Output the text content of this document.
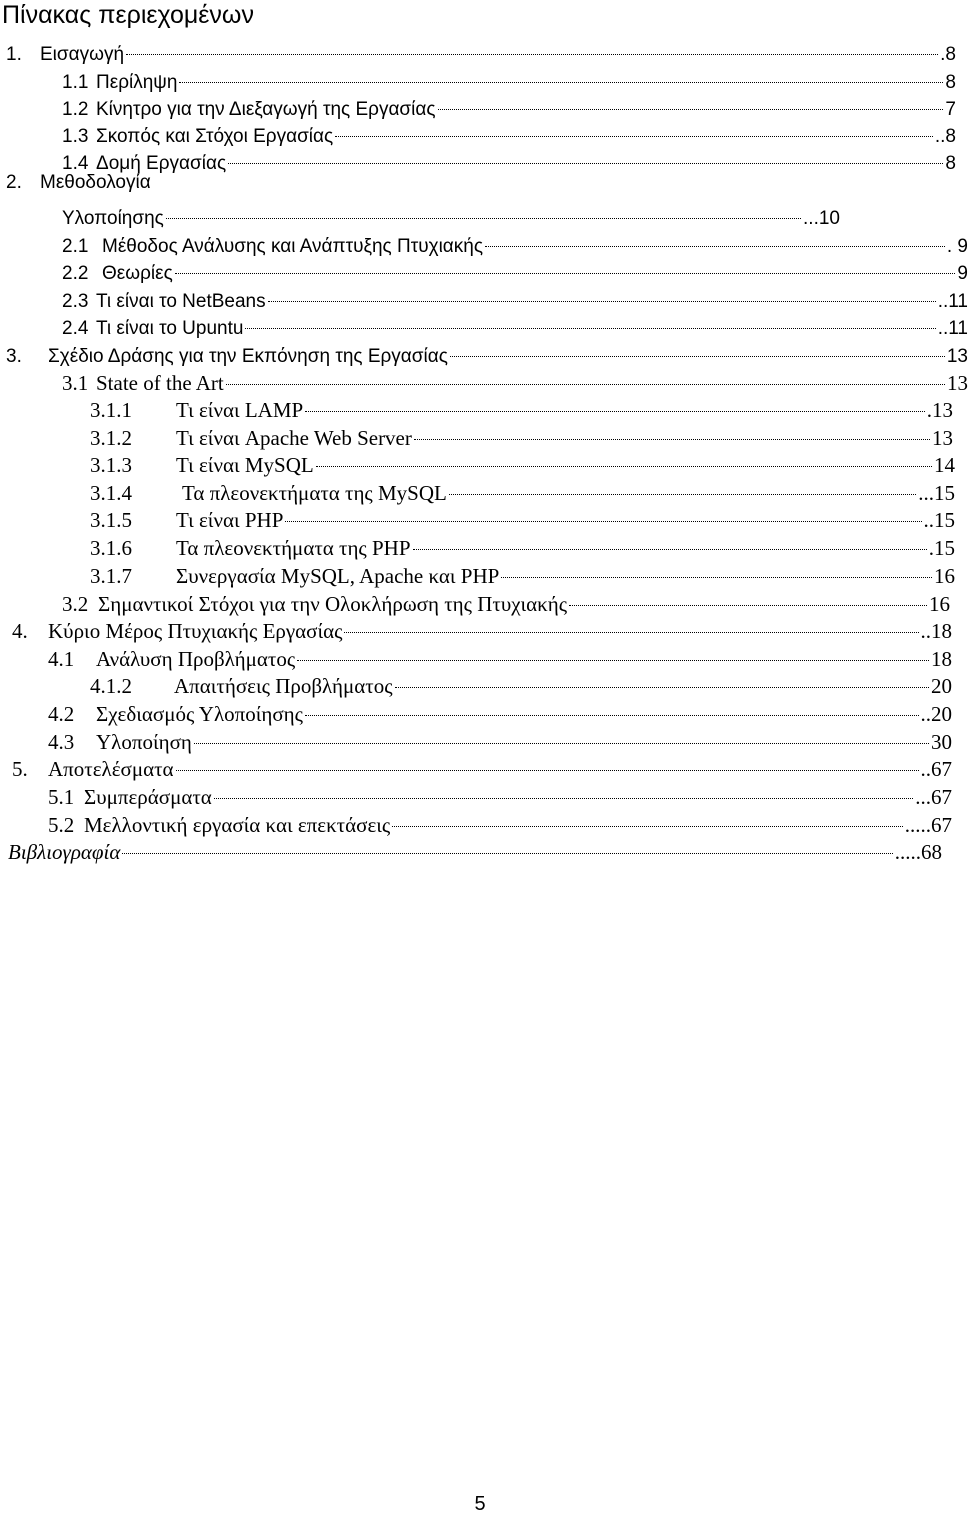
Πίνακας περιεχομένων
1. Εισαγωγή	.8
1.1 Περίληψη	8
1.2 Κίνητρο για την Διεξαγωγή της Εργασίας	7
1.3 Σκοπός και Στόχοι Εργασίας	..8
1.4 Δομή Εργασίας	8
2. Μεθοδολογία
Υλοποίησης	...10
2.1 Μέθοδος Ανάλυσης και Ανάπτυξης Πτυχιακής	. 9
2.2 Θεωρίες	9
2.3 Τι είναι το NetBeans	..11
2.4 Τι είναι το Upuntu	..11
3.	Σχέδιο Δράσης για την Εκπόνηση της Εργασίας	13
3.1 State of the Art	13
3.1.1	Τι είναι LAMP	.13
3.1.2	Τι είναι Apache Web Server	13
3.1.3	Τι είναι MySQL	14
3.1.4	Τα πλεονεκτήματα της MySQL	...15
3.1.5	Τι είναι PHP	..15
3.1.6	Τα πλεονεκτήματα της PHP	.15
3.1.7	Συνεργασία MySQL, Apache και PHP	16
3.2 Σημαντικοί Στόχοι για την Ολοκλήρωση της Πτυχιακής	16
4. Κύριο Μέρος Πτυχιακής Εργασίας	..18
4.1	Ανάλυση Προβλήματος	18
4.1.2	Απαιτήσεις Προβλήματος	20
4.2	Σχεδιασμός Υλοποίησης	..20
4.3	Υλοποίηση	30
5. Αποτελέσματα	..67
5.1 Συμπεράσματα	...67
5.2 Μελλοντική εργασία και επεκτάσεις	.....67
Βιβλιογραφία	.....68
5
